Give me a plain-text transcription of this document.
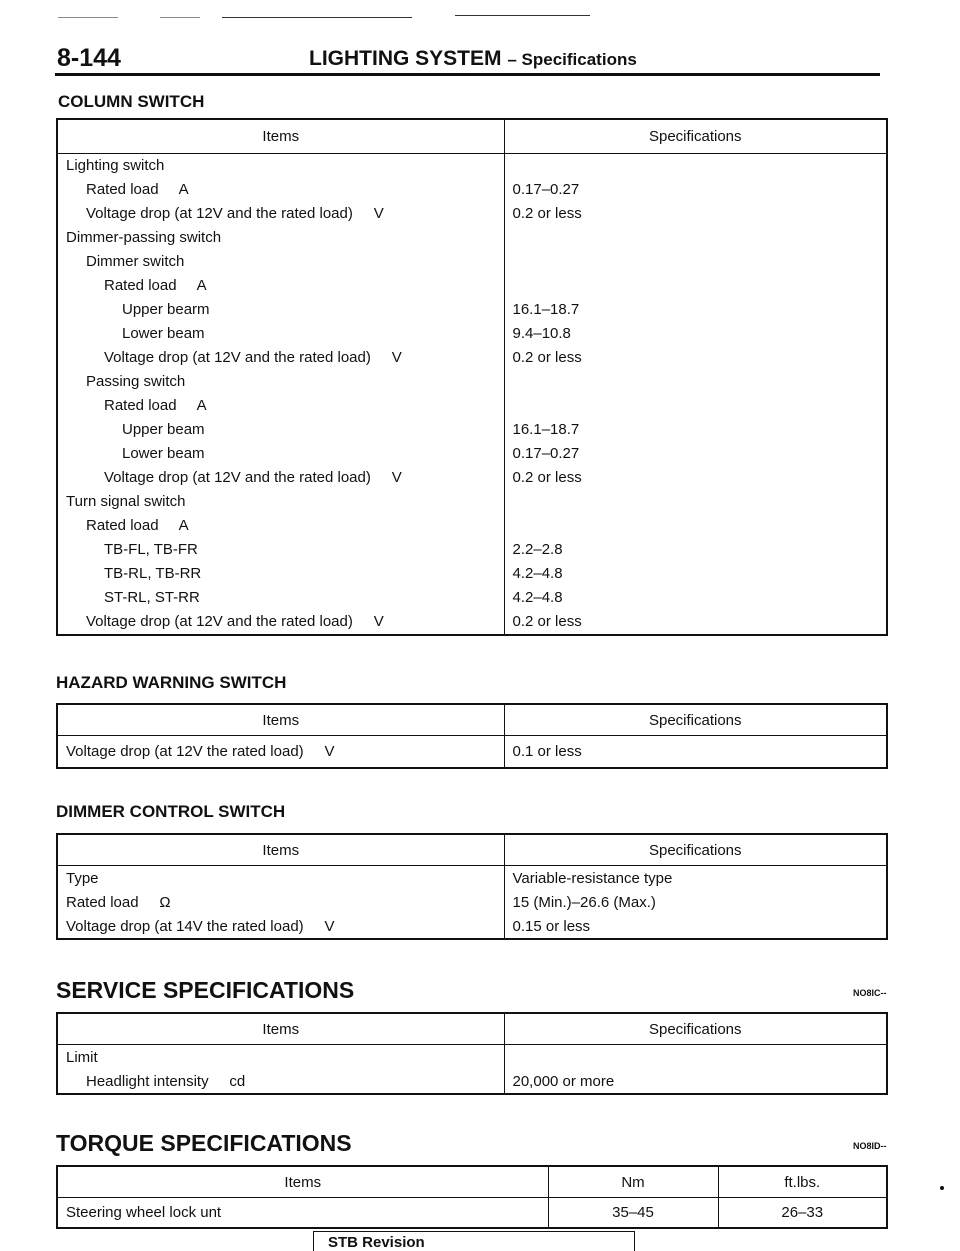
8-144	LIGHTING SYSTEM – Specifications
COLUMN SWITCH
Items	Specifications
Lighting switch	
Rated load     A	0.17–0.27
Voltage drop (at 12V and the rated load)     V	0.2 or less
Dimmer-passing switch	
Dimmer switch	
Rated load     A	
Upper bearm	16.1–18.7
Lower beam	9.4–10.8
Voltage drop (at 12V and the rated load)     V	0.2 or less
Passing switch	
Rated load     A	
Upper beam	16.1–18.7
Lower beam	0.17–0.27
Voltage drop (at 12V and the rated load)     V	0.2 or less
Turn signal switch	
Rated load     A	
TB-FL, TB-FR	2.2–2.8
TB-RL, TB-RR	4.2–4.8
ST-RL, ST-RR	4.2–4.8
Voltage drop (at 12V and the rated load)     V	0.2 or less
HAZARD WARNING SWITCH
Items	Specifications
Voltage drop (at 12V the rated load)     V	0.1 or less
DIMMER CONTROL SWITCH
Items	Specifications
Type	Variable-resistance type
Rated load     Ω	15 (Min.)–26.6 (Max.)
Voltage drop (at 14V the rated load)     V	0.15 or less
SERVICE SPECIFICATIONS	NO8IC--
Items	Specifications
Limit	
Headlight intensity     cd	20,000 or more
TORQUE SPECIFICATIONS	NO8ID--
Items	Nm	ft.lbs.
Steering wheel lock unt	35–45	26–33
STB Revision
